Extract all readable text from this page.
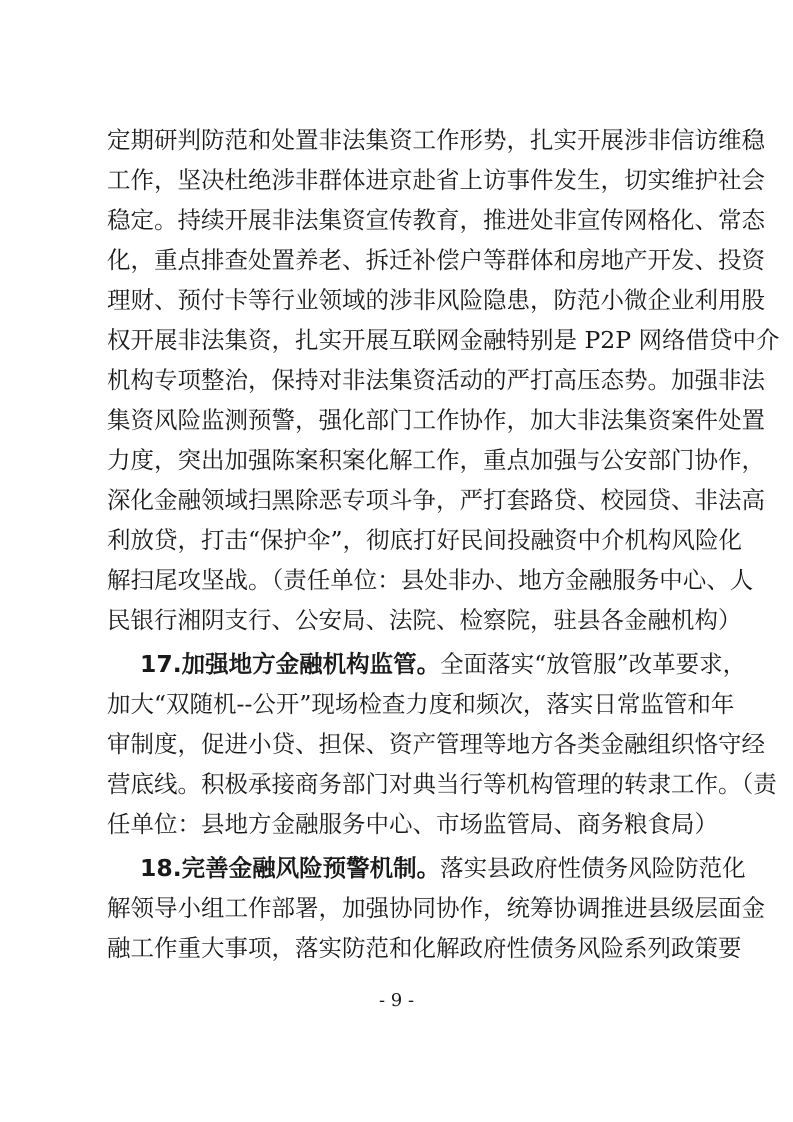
定期研判防范和处置非法集资工作形势，扎实开展涉非信访维稳
工作，坚决杜绝涉非群体进京赴省上访事件发生，切实维护社会
稳定。持续开展非法集资宣传教育，推进处非宣传网格化、常态
化，重点排查处置养老、拆迁补偿户等群体和房地产开发、投资
理财、预付卡等行业领域的涉非风险隐患，防范小微企业利用股
权开展非法集资，扎实开展互联网金融特别是 P2P 网络借贷中介
机构专项整治，保持对非法集资活动的严打高压态势。加强非法
集资风险监测预警，强化部门工作协作，加大非法集资案件处置
力度，突出加强陈案积案化解工作，重点加强与公安部门协作，
深化金融领域扫黑除恶专项斗争，严打套路贷、校园贷、非法高
利放贷，打击“保护伞”，彻底打好民间投融资中介机构风险化
解扫尾攻坚战。（责任单位：县处非办、地方金融服务中心、人
民银行湘阴支行、公安局、法院、检察院，驻县各金融机构）
17.加强地方金融机构监管。全面落实“放管服”改革要求，
加大“双随机--公开”现场检查力度和频次，落实日常监管和年
审制度，促进小贷、担保、资产管理等地方各类金融组织恪守经
营底线。积极承接商务部门对典当行等机构管理的转隶工作。（责
任单位：县地方金融服务中心、市场监管局、商务粮食局）
18.完善金融风险预警机制。落实县政府性债务风险防范化
解领导小组工作部署，加强协同协作，统筹协调推进县级层面金
融工作重大事项，落实防范和化解政府性债务风险系列政策要
- 9 -
